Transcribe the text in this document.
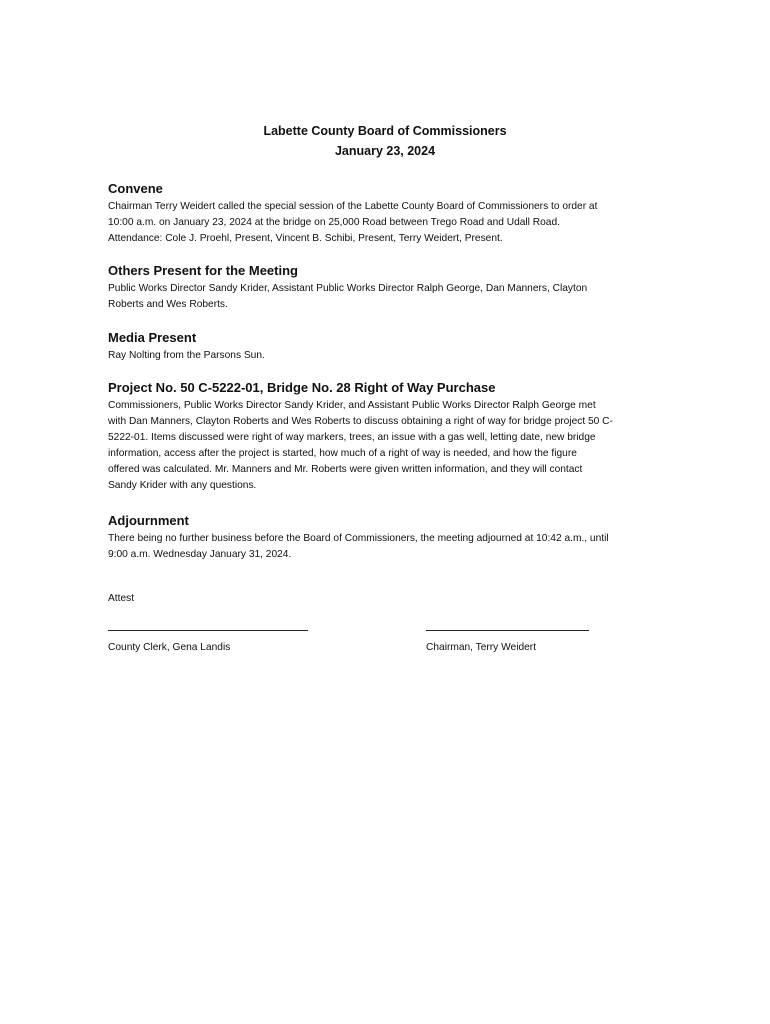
Labette County Board of Commissioners
January 23, 2024

Convene

Chairman Terry Weidert called the special session of the Labette County Board of Commissioners to order at
10:00 a.m. on January 23, 2024 at the bridge on 25,000 Road between Trego Road and Udall Road.
Attendance: Cole J. Proehl, Present, Vincent B. Schibi, Present, Terry Weidert, Present.

Others Present for the Meeting

Public Works Director Sandy Krider, Assistant Public Works Director Ralph George, Dan Manners, Clayton
Roberts and Wes Roberts.

Media Present

Ray Nolting from the Parsons Sun.

Project No. 50 C-5222-01, Bridge No. 28 Right of Way Purchase

Commissioners, Public Works Director Sandy Krider, and Assistant Public Works Director Ralph George met
with Dan Manners, Clayton Roberts and Wes Roberts to discuss obtaining a right of way for bridge project 50 C-
5222-01. Items discussed were right of way markers, trees, an issue with a gas well, letting date, new bridge
information, access after the project is started, how much of a right of way is needed, and how the figure
offered was calculated. Mr. Manners and Mr. Roberts were given written information, and they will contact
Sandy Krider with any questions.

Adjournment

There being no further business before the Board of Commissioners, the meeting adjourned at 10:42 a.m., until
9:00 a.m. Wednesday January 31, 2024.

Attest
County Clerk, Gena Landis	Chairman, Terry Weidert
